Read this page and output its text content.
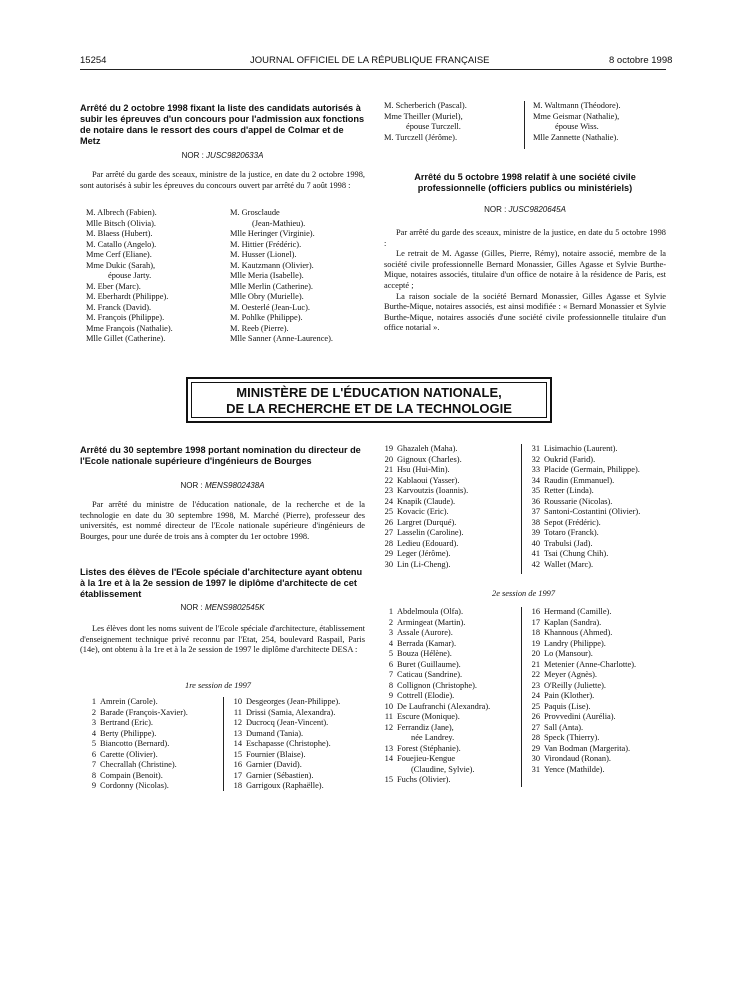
15254	JOURNAL OFFICIEL DE LA RÉPUBLIQUE FRANÇAISE	8 octobre 1998
Arrêté du 2 octobre 1998 fixant la liste des candidats autorisés à subir les épreuves d'un concours pour l'admission aux fonctions de notaire dans le ressort des cours d'appel de Colmar et de Metz
NOR : JUSC9820633A

Par arrêté du garde des sceaux, ministre de la justice, en date du 2 octobre 1998, sont autorisés à subir les épreuves du concours ouvert par arrêté du 7 août 1998 :

M. Albrech (Fabien).
Mlle Bitsch (Olivia).
M. Blaess (Hubert).
M. Catallo (Angelo).
Mme Cerf (Eliane).
Mme Dukic (Sarah),
épouse Jarty.
M. Eber (Marc).
M. Eberhardt (Philippe).
M. Franck (David).
M. François (Philippe).
Mme François (Nathalie).
Mlle Gillet (Catherine).
M. Grosclaude
(Jean-Mathieu).
Mlle Heringer (Virginie).
M. Hittier (Frédéric).
M. Husser (Lionel).
M. Kautzmann (Olivier).
Mlle Meria (Isabelle).
Mlle Merlin (Catherine).
Mlle Obry (Murielle).
M. Oesterlé (Jean-Luc).
M. Pohlke (Philippe).
M. Reeb (Pierre).
Mlle Sanner (Anne-Laurence).
M. Scherberich (Pascal).
Mme Theiller (Muriel),
épouse Turczell.
M. Turczell (Jérôme).
M. Waltmann (Théodore).
Mme Geismar (Nathalie),
épouse Wiss.
Mlle Zannette (Nathalie).
Arrêté du 5 octobre 1998 relatif à une société civile professionnelle (officiers publics ou ministériels)
NOR : JUSC9820645A

Par arrêté du garde des sceaux, ministre de la justice, en date du 5 octobre 1998 :

Le retrait de M. Agasse (Gilles, Pierre, Rémy), notaire associé, membre de la société civile professionnelle Bernard Monassier, Gilles Agasse et Sylvie Burthe-Mique, notaires associés, titulaire d'un office de notaire à la résidence de Paris, est accepté ;

La raison sociale de la société Bernard Monassier, Gilles Agasse et Sylvie Burthe-Mique, notaires associés, est ainsi modifiée : « Bernard Monassier et Sylvie Burthe-Mique, notaires associés d'une société civile professionnelle titulaire d'un office notarial ».

MINISTÈRE DE L'ÉDUCATION NATIONALE,
DE LA RECHERCHE ET DE LA TECHNOLOGIE
Arrêté du 30 septembre 1998 portant nomination du directeur de l'Ecole nationale supérieure d'ingénieurs de Bourges
NOR : MENS9802438A

Par arrêté du ministre de l'éducation nationale, de la recherche et de la technologie en date du 30 septembre 1998, M. Marché (Pierre), professeur des universités, est nommé directeur de l'Ecole nationale supérieure d'ingénieurs de Bourges, pour une durée de trois ans à compter du 1er octobre 1998.

Listes des élèves de l'Ecole spéciale d'architecture ayant obtenu à la 1re et à la 2e session de 1997 le diplôme d'architecte de cet établissement
NOR : MENS9802545K

Les élèves dont les noms suivent de l'Ecole spéciale d'architecture, établissement d'enseignement technique privé reconnu par l'Etat, 254, boulevard Raspail, Paris (14e), ont obtenu à la 1re et à la 2e session de 1997 le diplôme d'architecte DESA :

1re session de 1997
1 Amrein (Carole).
2 Barade (François-Xavier).
3 Bertrand (Eric).
4 Berty (Philippe).
5 Biancotto (Bernard).
6 Carette (Olivier).
7 Checrallah (Christine).
8 Compain (Benoit).
9 Cordonny (Nicolas).
10 Desgeorges (Jean-Philippe).
11 Drissi (Samia, Alexandra).
12 Ducrocq (Jean-Vincent).
13 Dumand (Tania).
14 Eschapasse (Christophe).
15 Fournier (Blaise).
16 Garnier (David).
17 Garnier (Sébastien).
18 Garrigoux (Raphaëlle).
19 Ghazaleh (Maha).
20 Gignoux (Charles).
21 Hsu (Hui-Min).
22 Kablaoui (Yasser).
23 Karvoutzis (Ioannis).
24 Knapik (Claude).
25 Kovacic (Eric).
26 Largret (Durqué).
27 Lasselin (Caroline).
28 Ledieu (Edouard).
29 Leger (Jérôme).
30 Lin (Li-Cheng).
31 Lisimachio (Laurent).
32 Oukrid (Farid).
33 Placide (Germain, Philippe).
34 Raudin (Emmanuel).
35 Retter (Linda).
36 Roussarie (Nicolas).
37 Santoni-Costantini (Olivier).
38 Sepot (Frédéric).
39 Totaro (Franck).
40 Trabulsi (Jad).
41 Tsai (Chung Chih).
42 Wallet (Marc).
2e session de 1997
1 Abdelmoula (Olfa).
2 Armingeat (Martin).
3 Assale (Aurore).
4 Berrada (Kamar).
5 Bouza (Hélène).
6 Buret (Guillaume).
7 Caticau (Sandrine).
8 Collignon (Christophe).
9 Cottrell (Elodie).
10 De Laufranchi (Alexandra).
11 Escure (Monique).
12 Ferrandiz (Jane),
née Landrey.
13 Forest (Stéphanie).
14 Fouejieu-Kengue
(Claudine, Sylvie).
15 Fuchs (Olivier).
16 Hermand (Camille).
17 Kaplan (Sandra).
18 Khannous (Ahmed).
19 Landry (Philippe).
20 Lo (Mansour).
21 Metenier (Anne-Charlotte).
22 Meyer (Agnès).
23 O'Reilly (Juliette).
24 Pain (Klother).
25 Paquis (Lise).
26 Provvedini (Aurélia).
27 Sall (Anta).
28 Speck (Thierry).
29 Van Bodman (Margerita).
30 Virondaud (Ronan).
31 Yence (Mathilde).
